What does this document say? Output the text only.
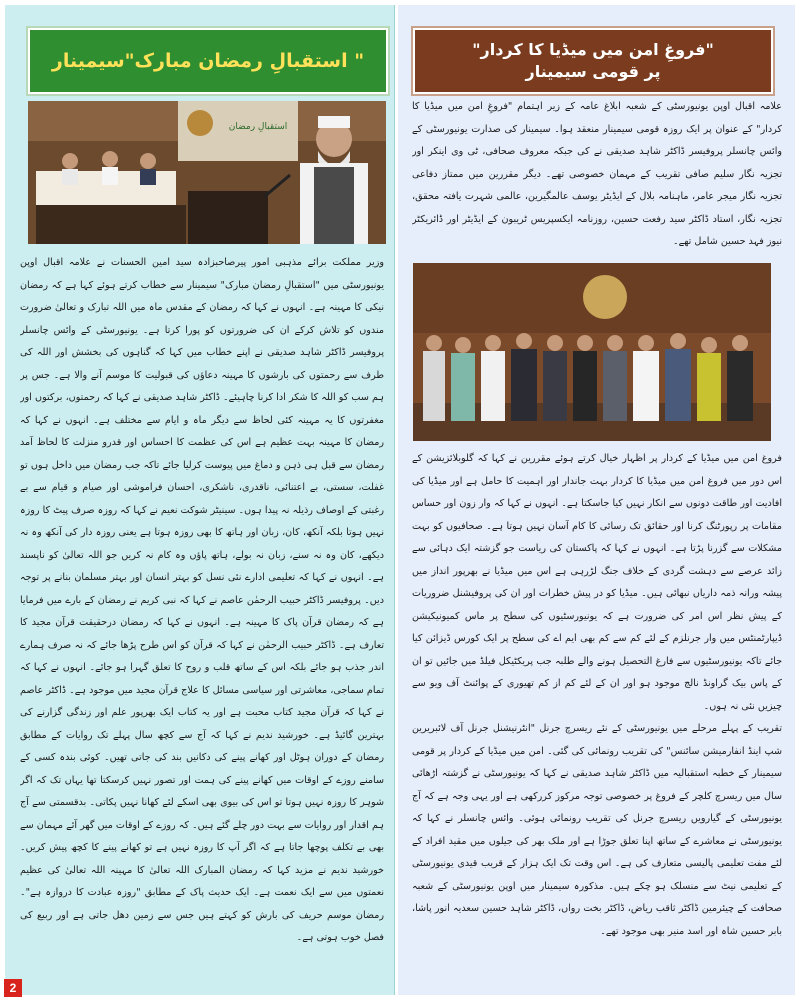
" استقبالِ رمضان مبارک"سیمینار
استقبالِ رمضان

وزیر مملکت برائے مذہبی امور پیرصاحبزادہ سید امین الحسنات نے علامہ اقبال اوپن یونیورسٹی میں "استقبالِ رمضان مبارک" سیمینار سے خطاب کرتے ہوئے کہا ہے کہ رمضان نیکی کا مہینہ ہے۔ انہوں نے کہا کہ رمضان کے مقدس ماہ میں اللہ تبارک و تعالیٰ ضرورت مندوں کو تلاش کرکے ان کی ضرورتوں کو پورا کرتا ہے۔ یونیورسٹی کے وائس چانسلر پروفیسر ڈاکٹر شاہد صدیقی نے اپنے خطاب میں کہا کہ گناہوں کی بخشش اور اللہ کی طرف سے رحمتوں کی بارشوں کا مہینہ دعاؤں کی قبولیت کا موسم آنے والا ہے۔ جس پر ہم سب کو اللہ کا شکر ادا کرنا چاہیئے۔ ڈاکٹر شاہد صدیقی نے کہا کہ رحمتوں، برکتوں اور مغفرتوں کا یہ مہینہ کئی لحاظ سے دیگر ماہ و ایام سے مختلف ہے۔ انہوں نے کہا کہ رمضان کا مہینہ بہت عظیم ہے اس کی عظمت کا احساس اور قدرو منزلت کا لحاظ آمد رمضان سے قبل ہی ذہن و دماغ میں پیوست کرلیا جائے تاکہ جب رمضان میں داخل ہوں تو غفلت، سستی، بے اعتنائی، ناقدری، ناشکری، احسان فراموشی اور صیام و قیام سے بے رغبتی کے اوصاف رذیلہ نہ پیدا ہوں۔ سینیٹر شوکت نعیم نے کہا کہ روزہ صرف پیٹ کا روزہ نہیں ہوتا بلکہ آنکھ، کان، زبان اور ہاتھ کا بھی روزہ ہوتا ہے یعنی روزہ دار کی آنکھ وہ نہ دیکھے، کان وہ نہ سنے، زبان نہ بولے، ہاتھ پاؤں وہ کام نہ کریں جو اللہ تعالیٰ کو ناپسند ہے۔ انہوں نے کہا کہ تعلیمی ادارے نئی نسل کو بہتر انسان اور بہتر مسلمان بنانے پر توجہ دیں۔ پروفیسر ڈاکٹر حبیب الرحمٰن عاصم نے کہا کہ نبی کریم نے رمضان کے بارے میں فرمایا ہے کہ رمضان قرآن پاک کا مہینہ ہے۔ انہوں نے کہا کہ رمضان درحقیقت قرآن مجید کا تعارف ہے۔ ڈاکٹر حبیب الرحمٰن نے کہا کہ قرآن کو اس طرح پڑھا جائے کہ نہ صرف ہمارے اندر جذب ہو جائے بلکہ اس کے ساتھ قلب و روح کا تعلق گہرا ہو جائے۔ انہوں نے کہا کہ تمام سماجی، معاشرتی اور سیاسی مسائل کا علاج قرآن مجید میں موجود ہے۔ ڈاکٹر عاصم نے کہا کہ قرآن مجید کتاب محبت ہے اور یہ کتاب ایک بھرپور علم اور زندگی گزارنے کی بہترین گائیڈ ہے۔ خورشید ندیم نے کہا کہ آج سے کچھ سال پہلے تک روایات کے مطابق رمضان کے دوران ہوٹل اور کھانے پینے کی دکانیں بند کی جاتی تھیں۔ کوئی بندہ کسی کے سامنے روزے کے اوقات میں کھانے پینے کی ہمت اور تصور نہیں کرسکتا تھا یہاں تک کہ اگر شوہر کا روزہ نہیں ہوتا تو اس کی بیوی بھی اسکے لئے کھانا نہیں پکاتی۔ بدقسمتی سے آج ہم اقدار اور روایات سے بہت دور چلے گئے ہیں۔ کہ روزے کے اوقات میں گھر آئے مہمان سے بھی بے تکلف پوچھا جاتا ہے کہ اگر آپ کا روزہ نہیں ہے تو کھانے پینے کا کچھ پیش کریں۔ خورشید ندیم نے مزید کہا کہ رمضان المبارک اللہ تعالیٰ کا مہینہ اللہ تعالیٰ کی عظیم نعمتوں میں سے ایک نعمت ہے۔ ایک حدیث پاک کے مطابق "روزہ عبادت کا دروازہ ہے"۔ رمضان موسم حریف کی بارش کو کہتے ہیں جس سے زمین دھل جاتی ہے اور ربیع کی فصل خوب ہوتی ہے۔

"فروغِ امن میں میڈیا کا کردار"
پر قومی سیمینار

علامہ اقبال اوپن یونیورسٹی کے شعبہ ابلاغ عامہ کے زیر اہتمام "فروغِ امن میں میڈیا کا کردار" کے عنوان پر ایک روزہ قومی سیمینار منعقد ہوا۔ سیمینار کی صدارت یونیورسٹی کے وائس چانسلر پروفیسر ڈاکٹر شاہد صدیقی نے کی جبکہ معروف صحافی، ٹی وی اینکر اور تجزیہ نگار سلیم صافی تقریب کے مہمان خصوصی تھے۔ دیگر مقررین میں ممتاز دفاعی تجزیہ نگار میجر عامر، ماہنامہ بلال کے ایڈیٹر یوسف عالمگیرین، عالمی شہرت یافتہ محقق، تجزیہ نگار، استاد ڈاکٹر سید رفعت حسین، روزنامہ ایکسپریس ٹریبون کے ایڈیٹر اور ڈائریکٹر نیوز فہد حسین شامل تھے۔

فروغ امن میں میڈیا کے کردار پر اظہار خیال کرتے ہوئے مقررین نے کہا کہ گلوبلائزیشن کے اس دور میں فروغ امن میں میڈیا کا کردار بہت جاندار اور اہمیت کا حامل ہے اور میڈیا کی افادیت اور طاقت دونوں سے انکار نہیں کیا جاسکتا ہے۔ انہوں نے کہا کہ وار زون اور حساس مقامات پر رپورٹنگ کرنا اور حقائق تک رسائی کا کام آسان نہیں ہوتا ہے۔ صحافیوں کو بہت مشکلات سے گزرنا پڑتا ہے۔ انہوں نے کہا کہ پاکستان کی ریاست جو گزشتہ ایک دہائی سے زائد عرصے سے دہشت گردی کے خلاف جنگ لڑرہی ہے اس میں میڈیا نے بھرپور انداز میں پیشہ ورانہ ذمہ داریاں نبھائی ہیں۔ میڈیا کو در پیش خطرات اور ان کی پروفیشنل ضروریات کے پیش نظر اس امر کی ضرورت ہے کہ یونیورسٹیوں کی سطح پر ماس کمیونیکیشن ڈیپارٹمنٹس میں وار جرنلزم کے لئے کم سے کم بھی ایم اے کی سطح پر ایک کورس ڈیزائن کیا جائے تاکہ یونیورسٹیوں سے فارغ التحصیل ہونے والے طلبہ جب پریکٹیکل فیلڈ میں جائیں تو ان کے پاس بیک گراونڈ نالج موجود ہو اور ان کے لئے کم از کم تھیوری کے پوائنٹ آف ویو سے چیزیں نئی نہ ہوں۔

تقریب کے پہلے مرحلے میں یونیورسٹی کے نئے ریسرچ جرنل "انٹرنیشنل جرنل آف لائبریرین شپ اینڈ انفارمیشن سائنس" کی تقریب رونمائی کی گئی۔ امن میں میڈیا کے کردار پر قومی سیمینار کے خطبہ استقبالیہ میں ڈاکٹر شاہد صدیقی نے کہا کہ یونیورسٹی نے گزشتہ اڑھائی سال میں ریسرچ کلچر کے فروغ پر خصوصی توجہ مرکوز کررکھی ہے اور یہی وجہ ہے کہ آج یونیورسٹی کے گیارویں ریسرچ جرنل کی تقریب رونمائی ہوئی۔ وائس چانسلر نے کہا کہ یونیورسٹی نے معاشرے کے ساتھ اپنا تعلق جوڑا ہے اور ملک بھر کی جیلوں میں مقید افراد کے لئے مفت تعلیمی پالیسی متعارف کی ہے۔ اس وقت تک ایک ہزار کے قریب قیدی یونیورسٹی کے تعلیمی نیٹ سے منسلک ہو چکے ہیں۔ مذکورہ سیمینار میں اوپن یونیورسٹی کے شعبہ صحافت کے چیئرمین ڈاکٹر ثاقب ریاض، ڈاکٹر بخت رواں، ڈاکٹر شاہد حسین سعدیہ انور پاشا، بابر حسین شاہ اور اسد منیر بھی موجود تھے۔

2
